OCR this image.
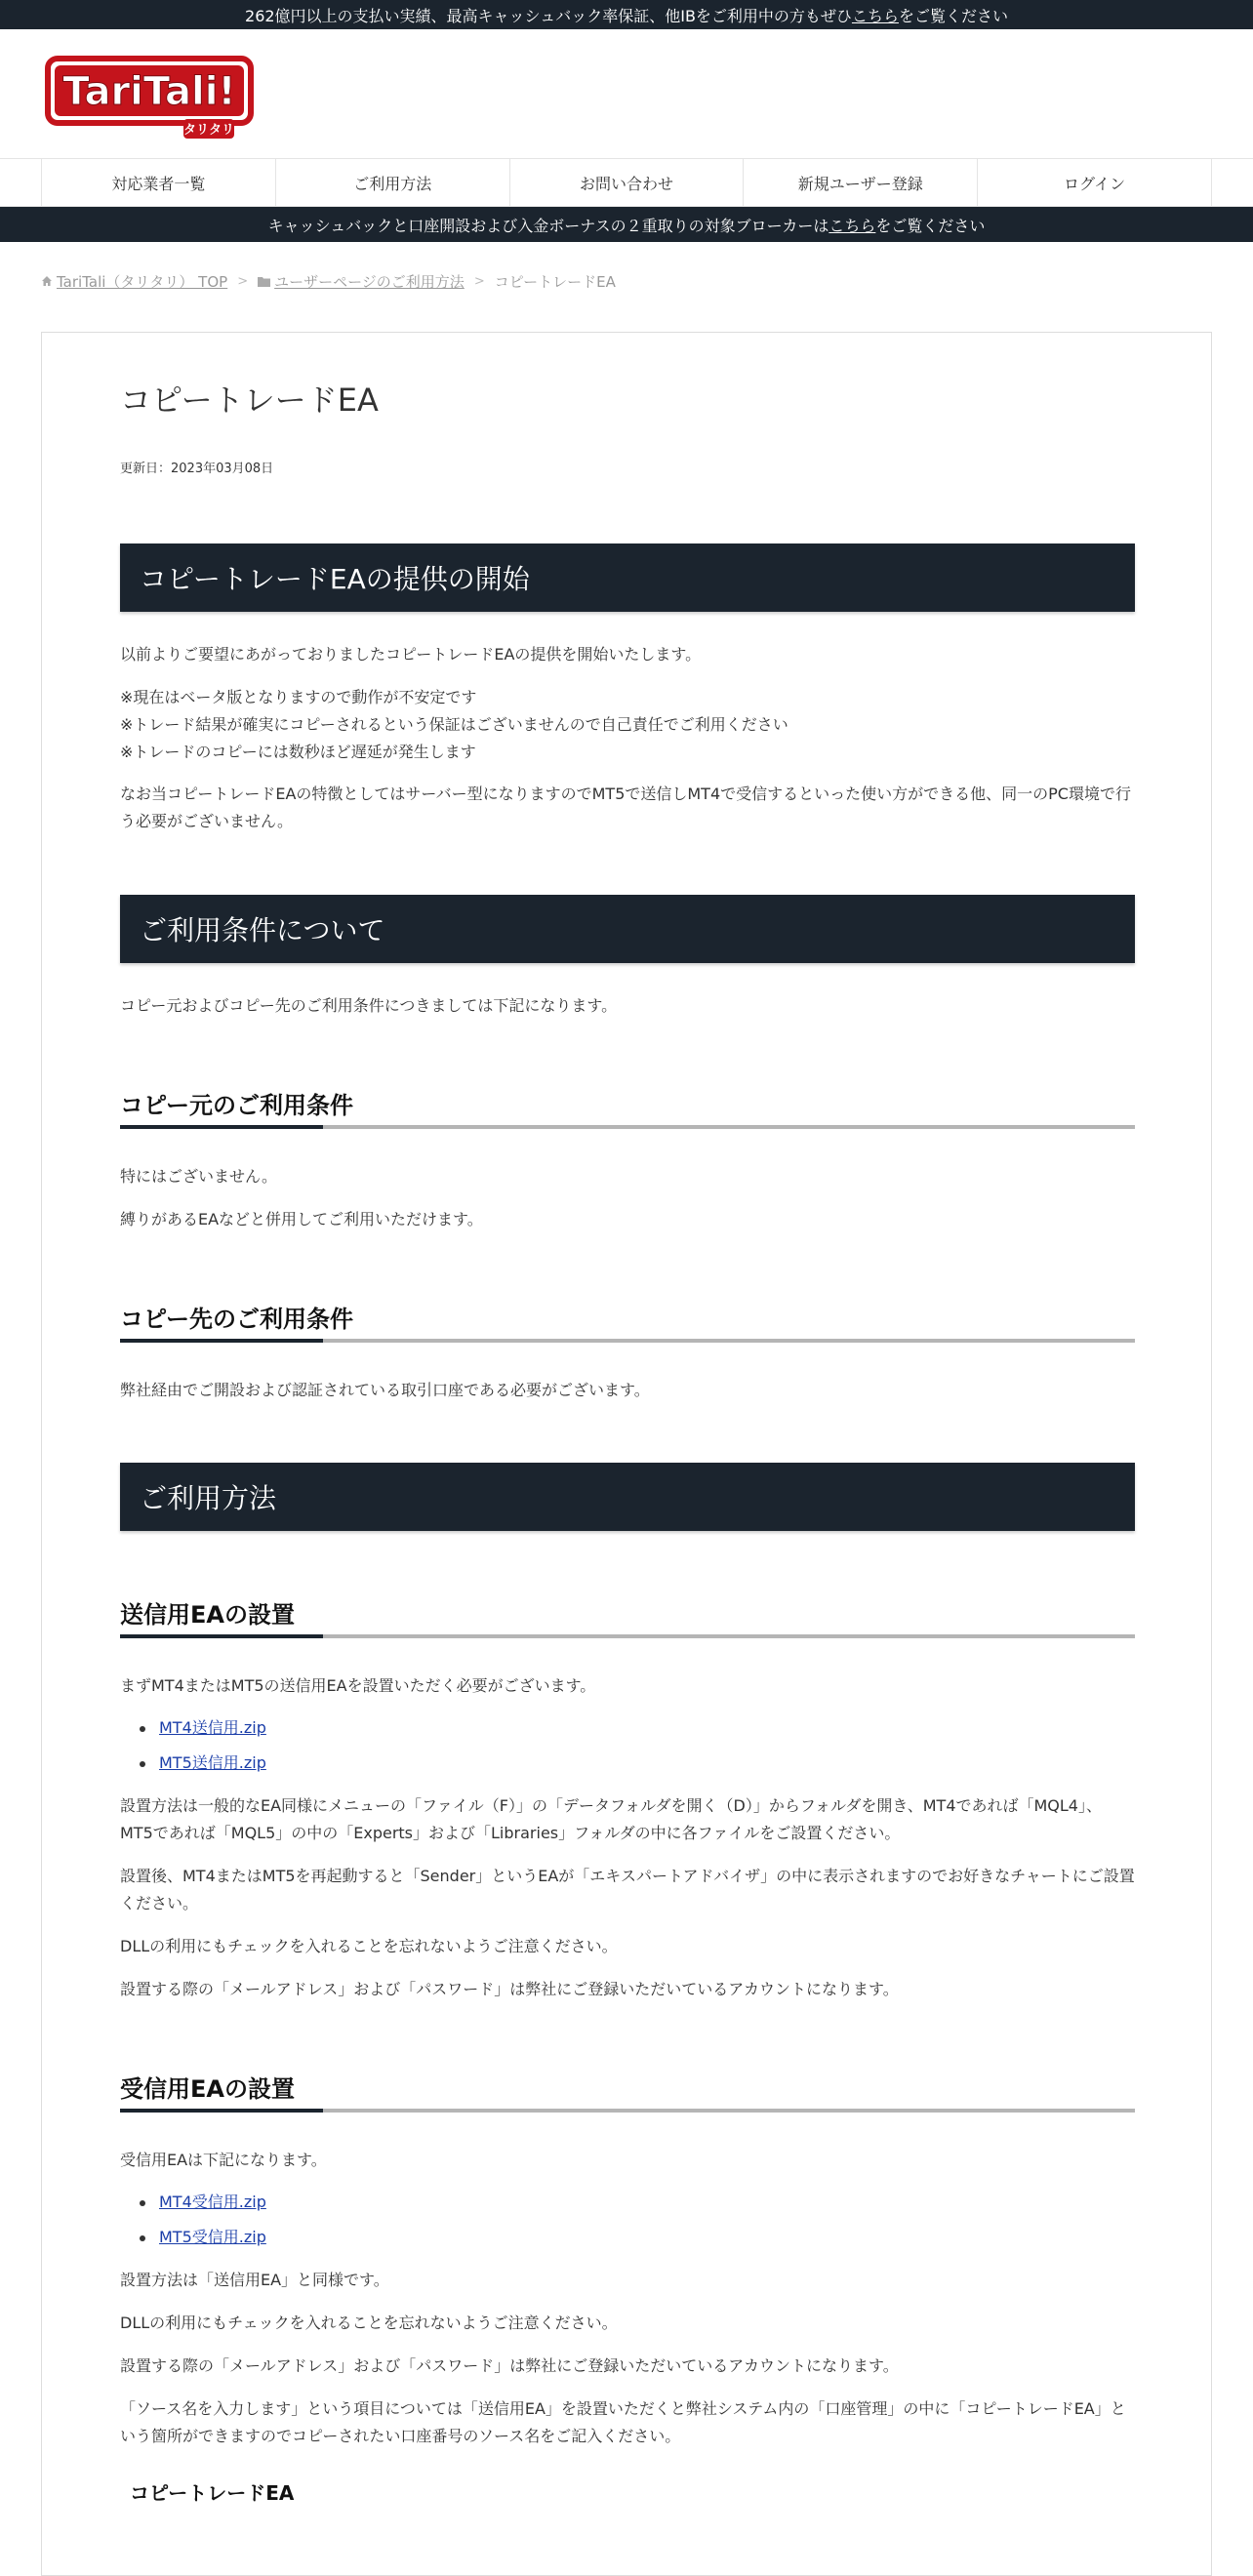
262億円以上の支払い実績、最高キャッシュバック率保証、他IBをご利用中の方もぜひ こちら をご覧ください
TariTali!
タリタリ
対応業者一覧	ご利用方法	お問い合わせ	新規ユーザー登録	ログイン
キャッシュバックと口座開設および入金ボーナスの２重取りの対象ブローカーは こちら をご覧ください
TariTali（タリタリ） TOP > ユーザーページのご利用方法 > コピートレードEA
コピートレードEA
更新日：2023年03月08日
コピートレードEAの提供の開始

以前よりご要望にあがっておりましたコピートレードEAの提供を開始いたします。

※現在はベータ版となりますので動作が不安定です

※トレード結果が確実にコピーされるという保証はございませんので自己責任でご利用ください

※トレードのコピーには数秒ほど遅延が発生します

なお当コピートレードEAの特徴としてはサーバー型になりますのでMT5で送信しMT4で受信するといった使い方ができる他、同一のPC環境で行

う必要がございません。

ご利用条件について

コピー元およびコピー先のご利用条件につきましては下記になります。

コピー元のご利用条件

特にはございません。

縛りがあるEAなどと併用してご利用いただけます。

コピー先のご利用条件

弊社経由でご開設および認証されている取引口座である必要がございます。

ご利用方法
送信用EAの設置

まずMT4またはMT5の送信用EAを設置いただく必要がございます。

MT4送信用.zip
MT5送信用.zip

設置方法は一般的なEA同様にメニューの「ファイル（F）」の「データフォルダを開く（D）」からフォルダを開き、MT4であれば「MQL4」、

MT5であれば「MQL5」の中の「Experts」および「Libraries」フォルダの中に各ファイルをご設置ください。

設置後、MT4またはMT5を再起動すると「Sender」というEAが「エキスパートアドバイザ」の中に表示されますのでお好きなチャートにご設置

ください。

DLLの利用にもチェックを入れることを忘れないようご注意ください。

設置する際の「メールアドレス」および「パスワード」は弊社にご登録いただいているアカウントになります。

受信用EAの設置

受信用EAは下記になります。

MT4受信用.zip
MT5受信用.zip

設置方法は「送信用EA」と同様です。

DLLの利用にもチェックを入れることを忘れないようご注意ください。

設置する際の「メールアドレス」および「パスワード」は弊社にご登録いただいているアカウントになります。

「ソース名を入力します」という項目については「送信用EA」を設置いただくと弊社システム内の「口座管理」の中に「コピートレードEA」と

いう箇所ができますのでコピーされたい口座番号のソース名をご記入ください。

コピートレードEA
